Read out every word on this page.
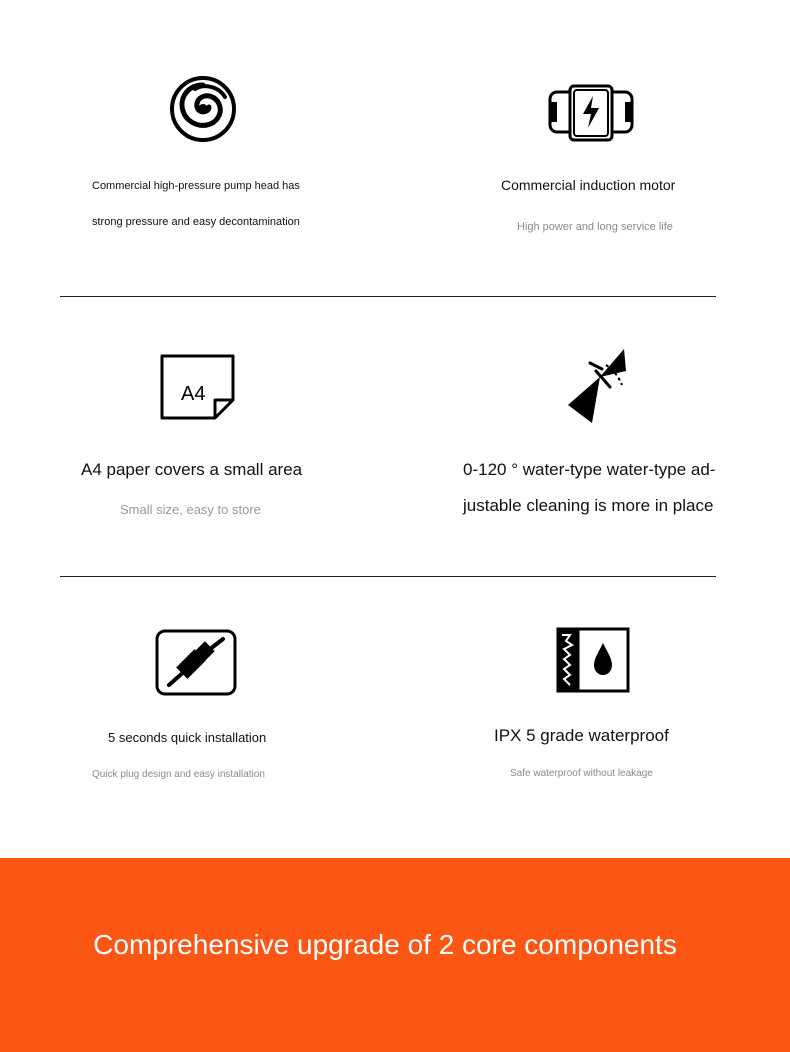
Commercial high-pressure pump head has
strong pressure and easy decontamination
Commercial induction motor
High power and long service life
A4
A4 paper covers a small area
Small size, easy to store
0-120 ° water-type water-type ad-
justable cleaning is more in place
5 seconds quick installation
Quick plug design and easy installation
IPX 5 grade waterproof
Safe waterproof without leakage
Comprehensive upgrade of 2 core components
